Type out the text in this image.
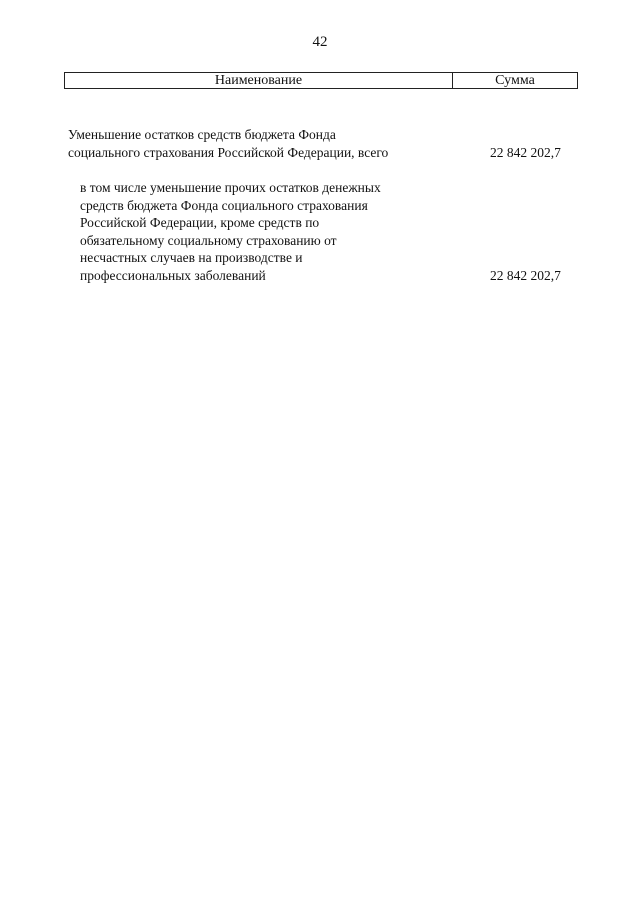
42
Наименование	Сумма
Уменьшение остатков средств бюджета Фонда
социального страхования Российской Федерации, всего	22 842 202,7
в том числе уменьшение прочих остатков денежных
средств бюджета Фонда социального страхования
Российской Федерации, кроме средств по
обязательному социальному страхованию от
несчастных случаев на производстве и
профессиональных заболеваний	22 842 202,7
